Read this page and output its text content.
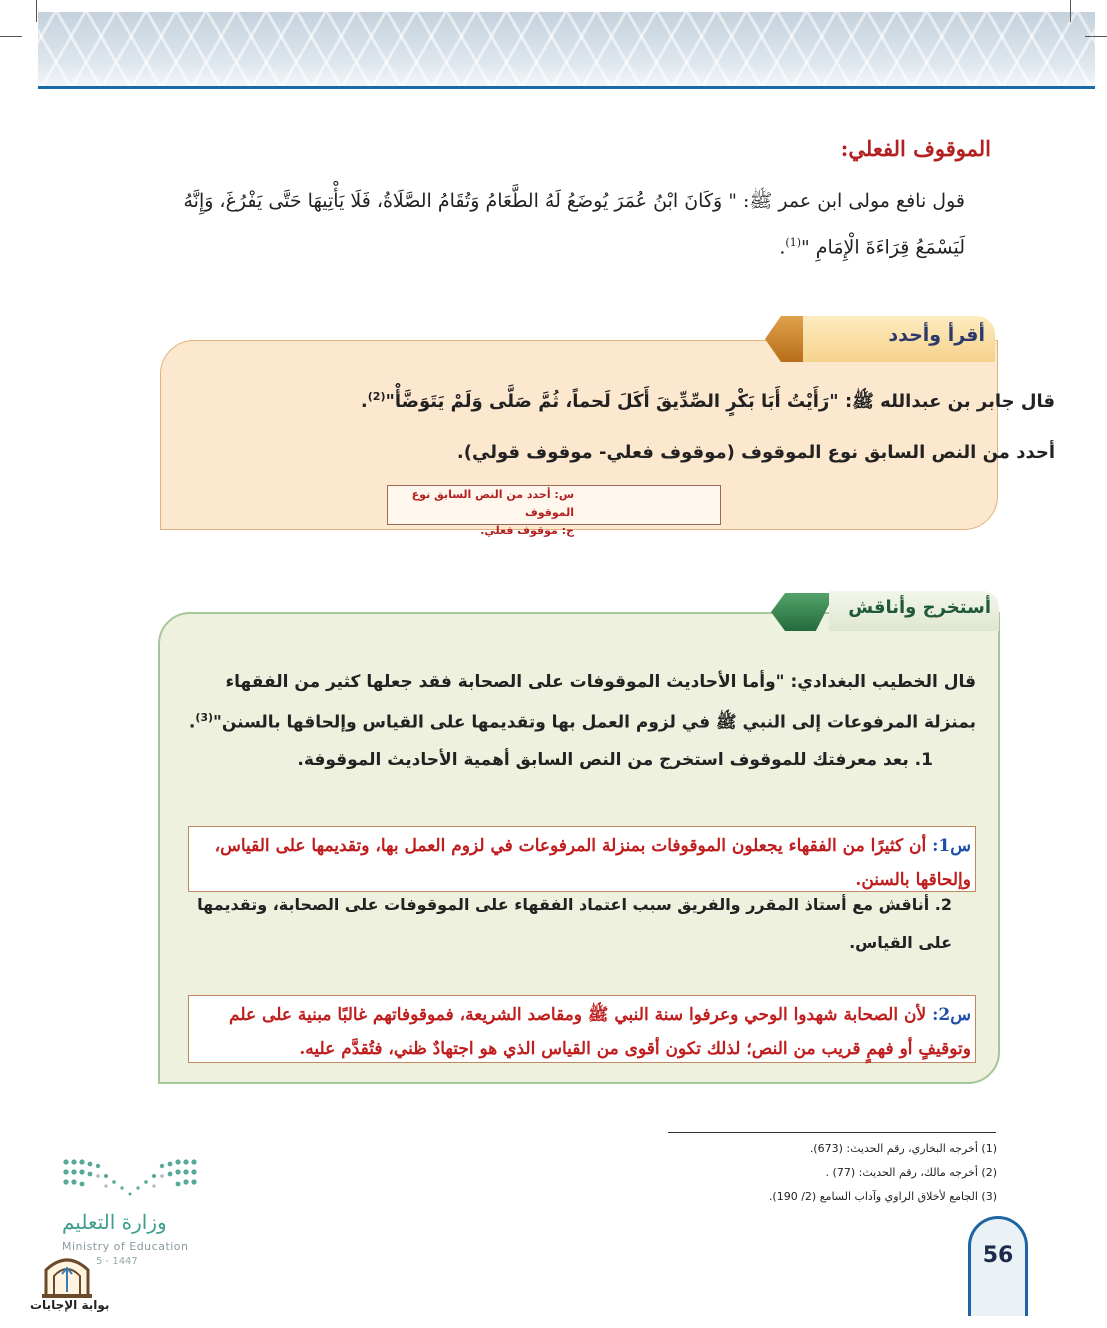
الموقوف الفعلي:
قول نافع مولى ابن عمر ﷺ: " وَكَانَ ابْنُ عُمَرَ يُوضَعُ لَهُ الطَّعَامُ وَتُقَامُ الصَّلَاةُ، فَلَا يَأْتِيهَا حَتَّى يَفْرُغَ، وَإِنَّهُ
لَيَسْمَعُ قِرَاءَةَ الْإِمَامِ "$^{(1)}$.
أقرأ وأحدد
قال جابر بن عبدالله ﷺ: "رَأَيْتُ أَبَا بَكْرٍ الصِّدِّيقَ أَكَلَ لَحماً، ثُمَّ صَلَّى وَلَمْ يَتَوَضَّأْ"$^{(2)}$.
أحدد من النص السابق نوع الموقوف (موقوف فعلي- موقوف قولي).
س: أحدد من النص السابق نوع الموقوف
ج: موقوف فعلي.
أستخرج وأناقش
قال الخطيب البغدادي: "وأما الأحاديث الموقوفات على الصحابة فقد جعلها كثير من الفقهاء
بمنزلة المرفوعات إلى النبي ﷺ في لزوم العمل بها وتقديمها على القياس وإلحاقها بالسنن"$^{(3)}$.
1. بعد معرفتك للموقوف استخرج من النص السابق أهمية الأحاديث الموقوفة.
س1: أن كثيرًا من الفقهاء يجعلون الموقوفات بمنزلة المرفوعات في لزوم العمل بها، وتقديمها على القياس، وإلحاقها بالسنن.
2. أناقش مع أستاذ المقرر والفريق سبب اعتماد الفقهاء على الموقوفات على الصحابة، وتقديمها على القياس.
س2: لأن الصحابة شهدوا الوحي وعرفوا سنة النبي ﷺ ومقاصد الشريعة، فموقوفاتهم غالبًا مبنية على علم وتوقيفٍ أو فهمٍ قريب من النص؛ لذلك تكون أقوى من القياس الذي هو اجتهادٌ ظني، فتُقدَّم عليه.
(1) أخرجه البخاري، رقم الحديث: (673).
(2) أخرجه مالك، رقم الحديث: (77) .
(3) الجامع لأخلاق الراوي وآداب السامع (2/ 190).
وزارة التعليم
Ministry of Education
5 - 1447
بوابة الإجابات
56
